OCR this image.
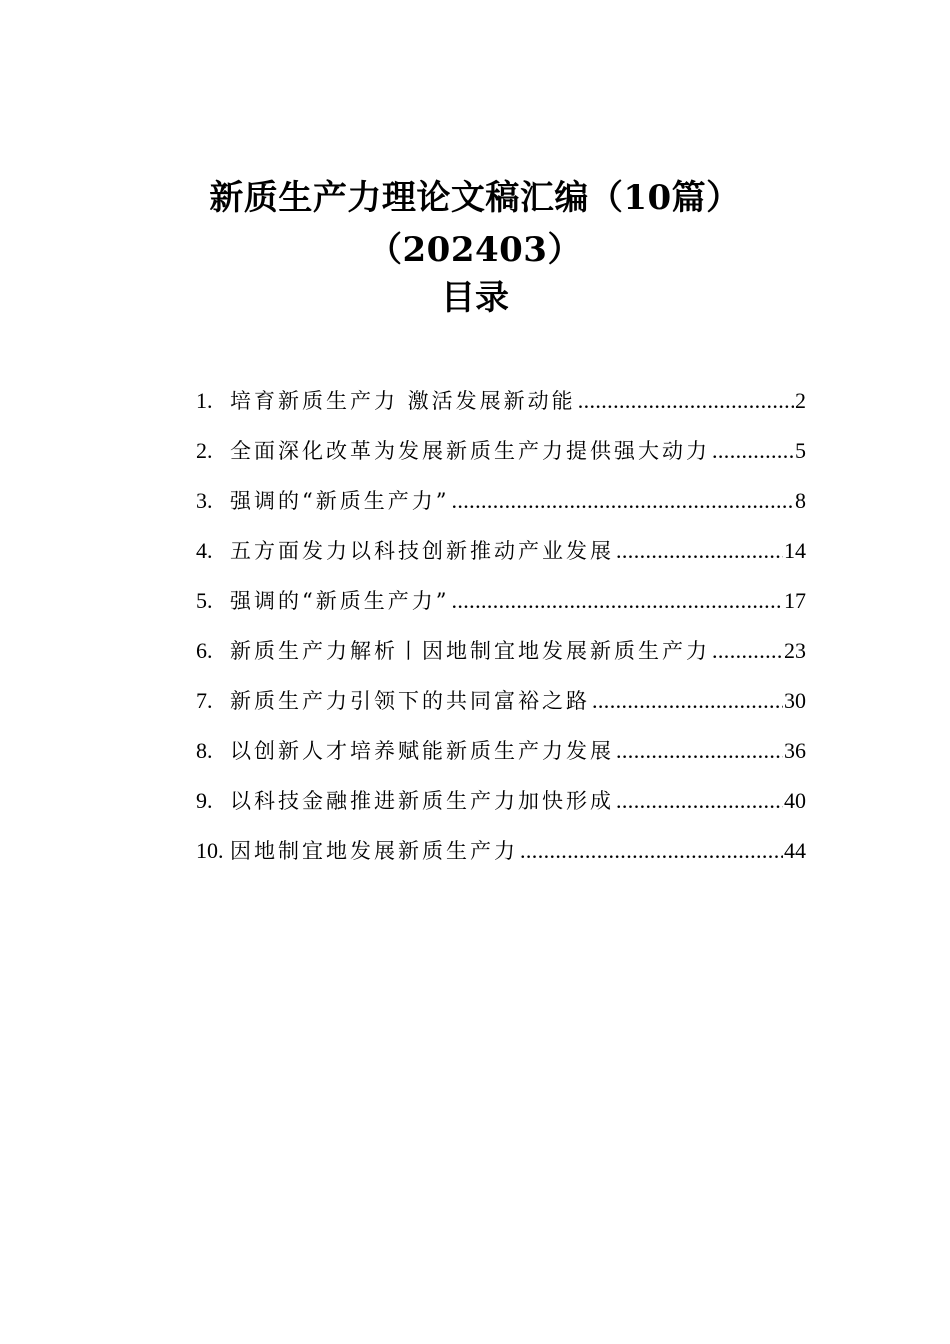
新质生产力理论文稿汇编（10篇）（202403）
目录
1. 培育新质生产力 激活发展新动能 .....	2
2. 全面深化改革为发展新质生产力提供强大动力 .....	5
3. 强调的“新质生产力” .....	8
4. 五方面发力以科技创新推动产业发展 .....	14
5. 强调的“新质生产力” .....	17
6. 新质生产力解析丨因地制宜地发展新质生产力 .....	23
7. 新质生产力引领下的共同富裕之路 .....	30
8. 以创新人才培养赋能新质生产力发展 .....	36
9. 以科技金融推进新质生产力加快形成 .....	40
10. 因地制宜地发展新质生产力 .....	44
